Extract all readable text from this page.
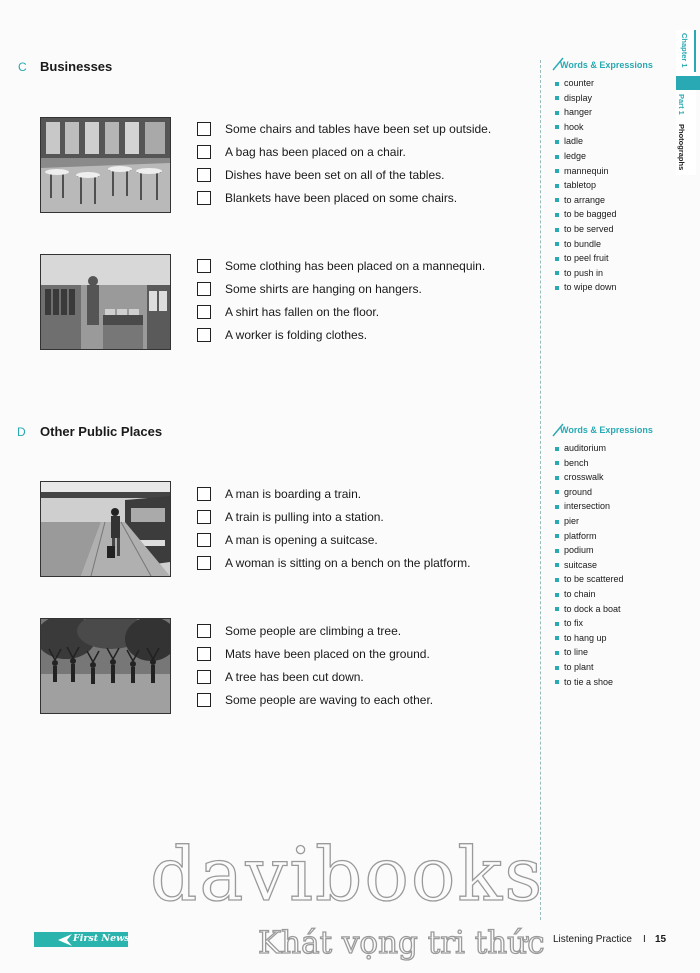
Chapter 1
Part 1
Photographs
C Businesses
Some chairs and tables have been set up outside.
A bag has been placed on a chair.
Dishes have been set on all of the tables.
Blankets have been placed on some chairs.
Some clothing has been placed on a mannequin.
Some shirts are hanging on hangers.
A shirt has fallen on the floor.
A worker is folding clothes.
Words & Expressions
counter
display
hanger
hook
ladle
ledge
mannequin
tabletop
to arrange
to be bagged
to be served
to bundle
to peel fruit
to push in
to wipe down
D Other Public Places
A man is boarding a train.
A train is pulling into a station.
A man is opening a suitcase.
A woman is sitting on a bench on the platform.
Some people are climbing a tree.
Mats have been placed on the ground.
A tree has been cut down.
Some people are waving to each other.
Words & Expressions
auditorium
bench
crosswalk
ground
intersection
pier
platform
podium
suitcase
to be scattered
to chain
to dock a boat
to fix
to hang up
to line
to plant
to tie a shoe
davibooks
Khát vọng tri thức
First News	Listening Practice I 15
